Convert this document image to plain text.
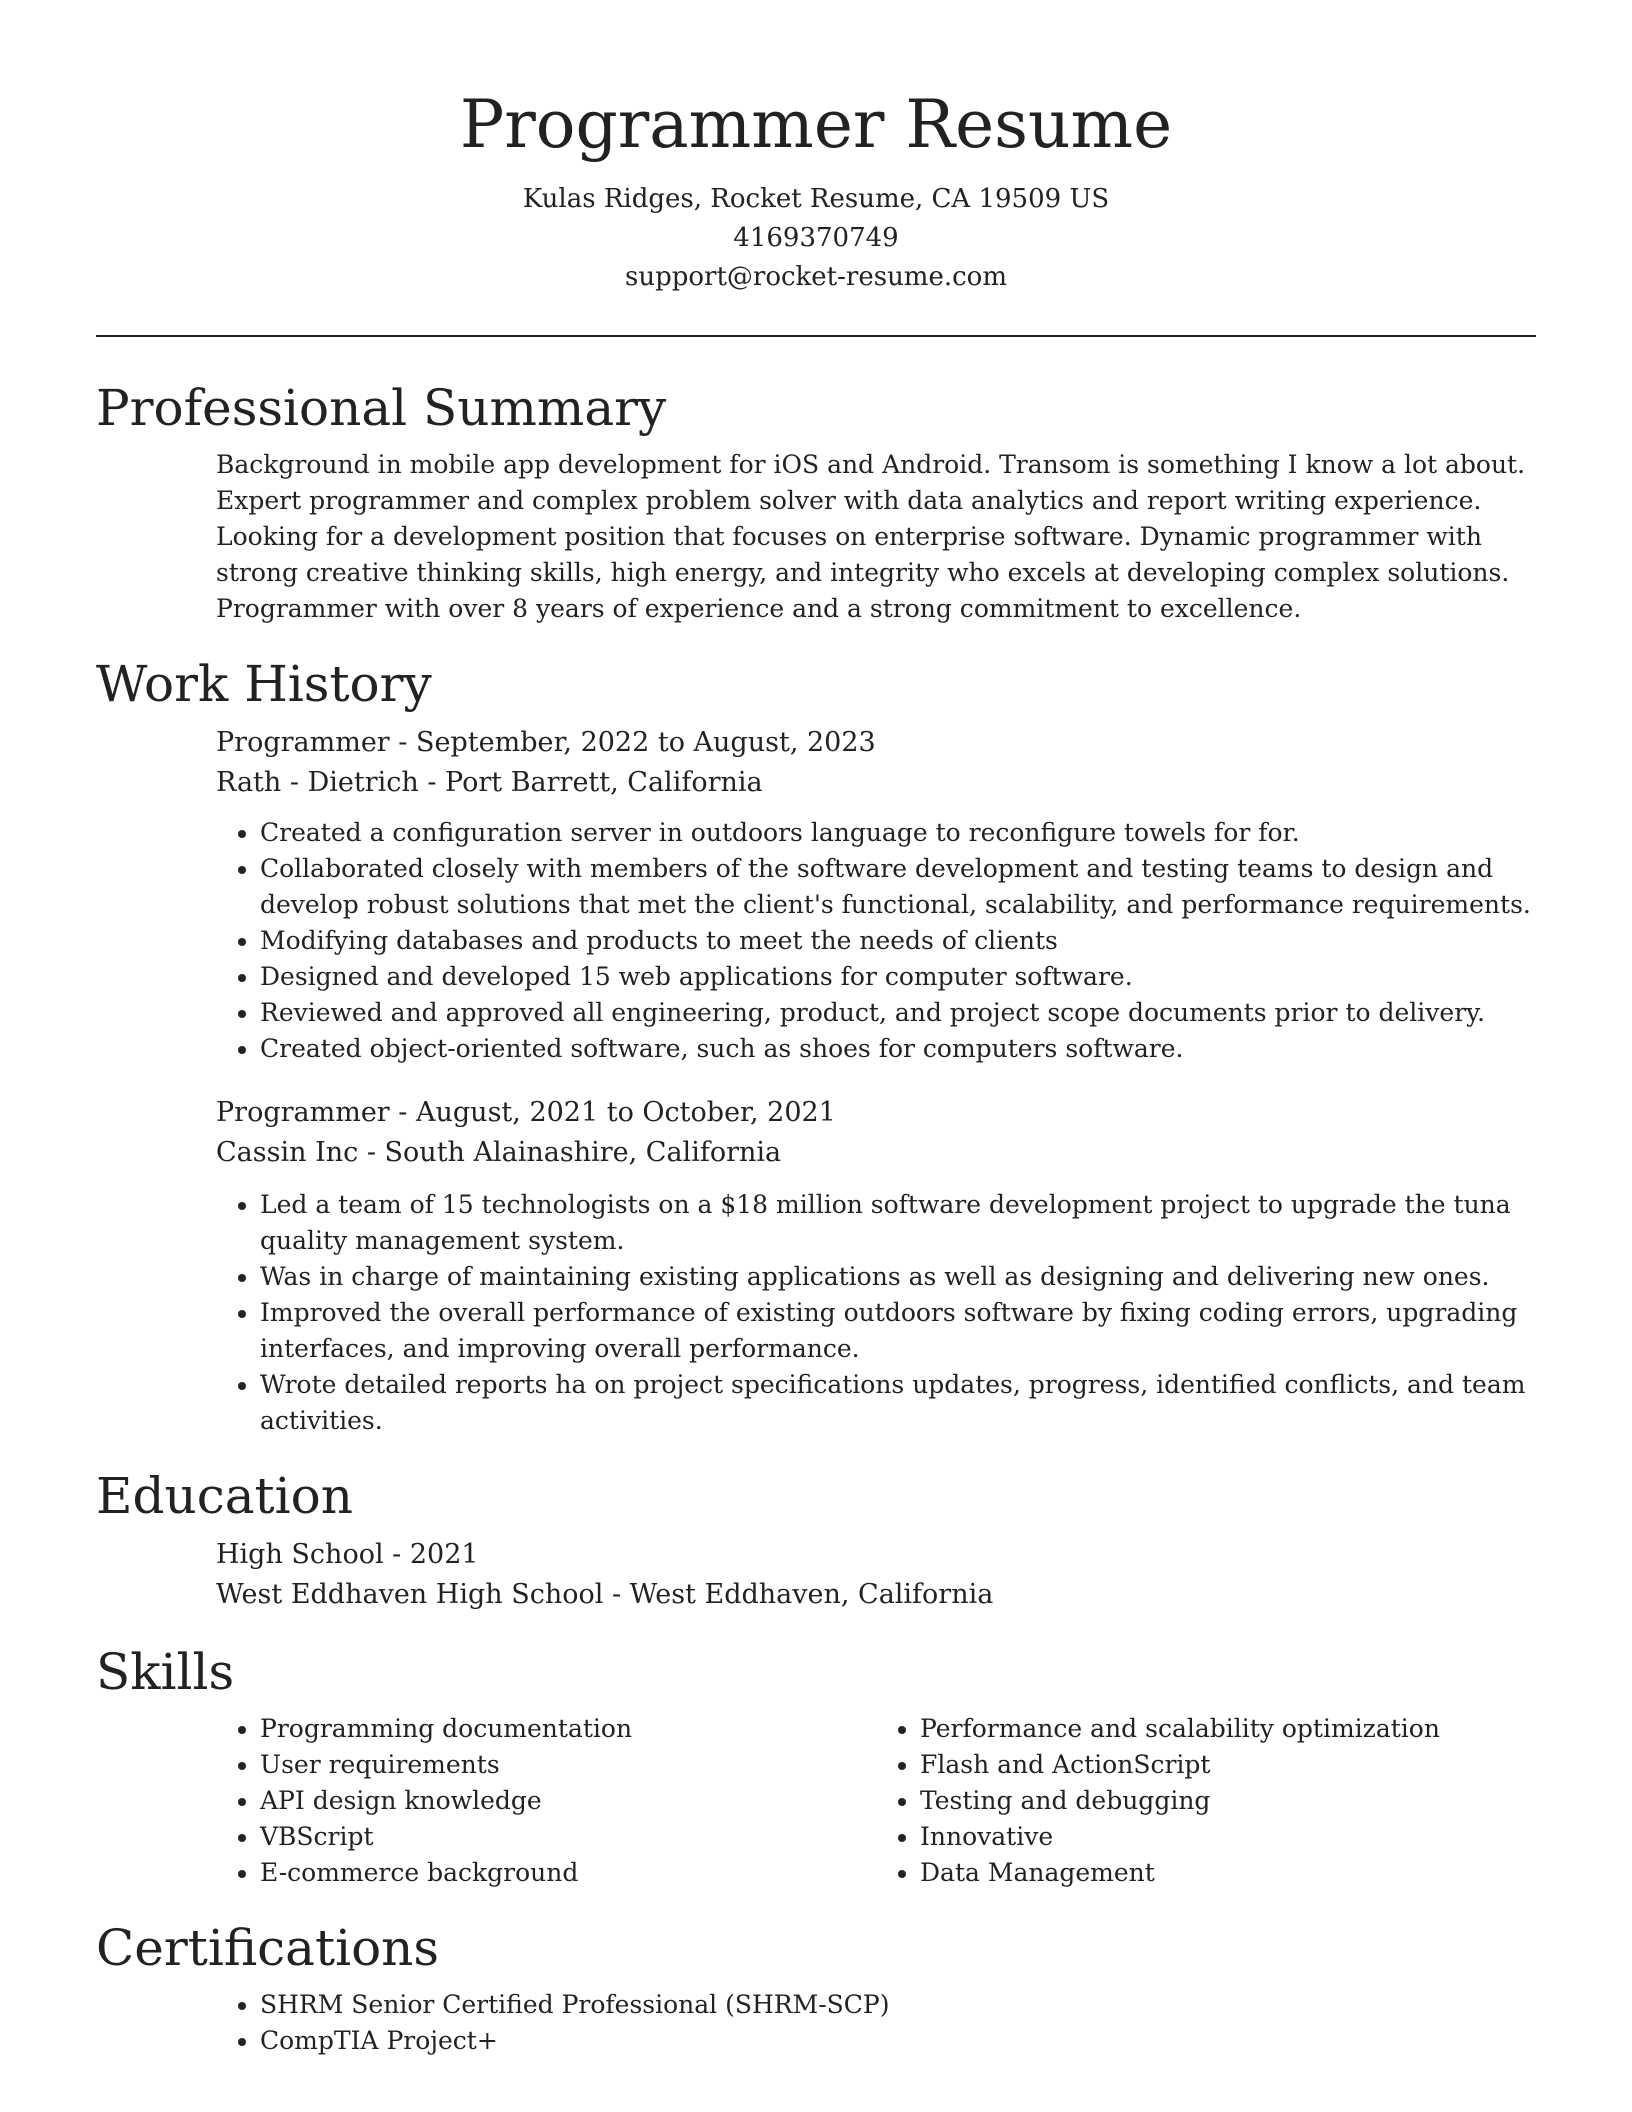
Programmer Resume
Kulas Ridges, Rocket Resume, CA 19509 US
4169370749
support@rocket-resume.com
Professional Summary

Background in mobile app development for iOS and Android. Transom is something I know a lot about. Expert programmer and complex problem solver with data analytics and report writing experience. Looking for a development position that focuses on enterprise software. Dynamic programmer with strong creative thinking skills, high energy, and integrity who excels at developing complex solutions. Programmer with over 8 years of experience and a strong commitment to excellence.

Work History
Programmer - September, 2022 to August, 2023
Rath - Dietrich - Port Barrett, California
• Created a configuration server in outdoors language to reconfigure towels for for.
• Collaborated closely with members of the software development and testing teams to design and develop robust solutions that met the client's functional, scalability, and performance requirements.
• Modifying databases and products to meet the needs of clients
• Designed and developed 15 web applications for computer software.
• Reviewed and approved all engineering, product, and project scope documents prior to delivery.
• Created object-oriented software, such as shoes for computers software.
Programmer - August, 2021 to October, 2021
Cassin Inc - South Alainashire, California
• Led a team of 15 technologists on a $18 million software development project to upgrade the tuna quality management system.
• Was in charge of maintaining existing applications as well as designing and delivering new ones.
• Improved the overall performance of existing outdoors software by fixing coding errors, upgrading interfaces, and improving overall performance.
• Wrote detailed reports ha on project specifications updates, progress, identified conflicts, and team activities.
Education
High School - 2021
West Eddhaven High School - West Eddhaven, California
Skills
• Programming documentation
• User requirements
• API design knowledge
• VBScript
• E-commerce background
• Performance and scalability optimization
• Flash and ActionScript
• Testing and debugging
• Innovative
• Data Management
Certifications
• SHRM Senior Certified Professional (SHRM-SCP)
• CompTIA Project+
